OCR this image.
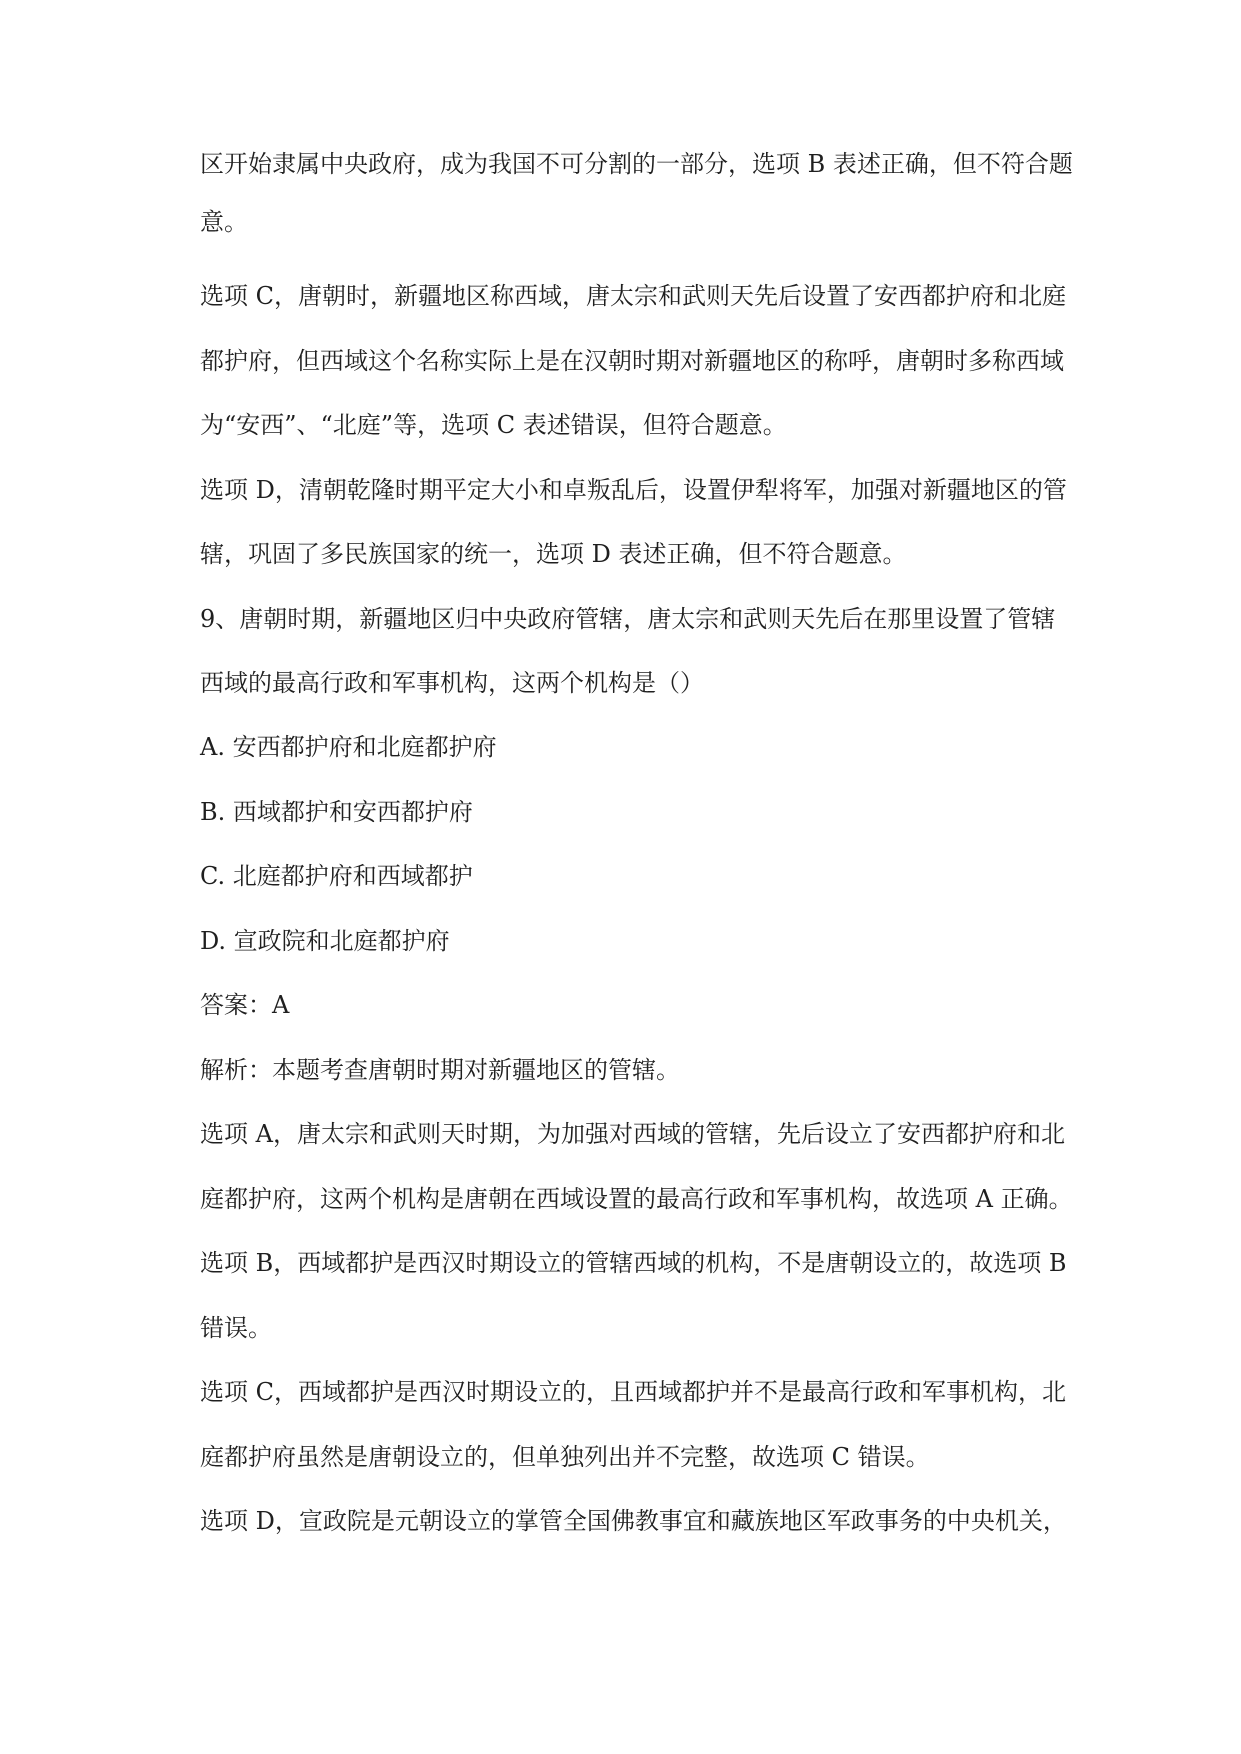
区开始隶属中央政府，成为我国不可分割的一部分，选项 B 表述正确，但不符合题

意。

选项 C，唐朝时，新疆地区称西域，唐太宗和武则天先后设置了安西都护府和北庭

都护府，但西域这个名称实际上是在汉朝时期对新疆地区的称呼，唐朝时多称西域

为“安西”、“北庭”等，选项 C 表述错误，但符合题意。

选项 D，清朝乾隆时期平定大小和卓叛乱后，设置伊犁将军，加强对新疆地区的管

辖，巩固了多民族国家的统一，选项 D 表述正确，但不符合题意。

9、唐朝时期，新疆地区归中央政府管辖，唐太宗和武则天先后在那里设置了管辖

西域的最高行政和军事机构，这两个机构是（）

A. 安西都护府和北庭都护府

B. 西域都护和安西都护府

C. 北庭都护府和西域都护

D. 宣政院和北庭都护府

答案：A

解析：本题考查唐朝时期对新疆地区的管辖。

选项 A，唐太宗和武则天时期，为加强对西域的管辖，先后设立了安西都护府和北

庭都护府，这两个机构是唐朝在西域设置的最高行政和军事机构，故选项 A 正确。

选项 B，西域都护是西汉时期设立的管辖西域的机构，不是唐朝设立的，故选项 B

错误。

选项 C，西域都护是西汉时期设立的，且西域都护并不是最高行政和军事机构，北

庭都护府虽然是唐朝设立的，但单独列出并不完整，故选项 C 错误。

选项 D，宣政院是元朝设立的掌管全国佛教事宜和藏族地区军政事务的中央机关，
